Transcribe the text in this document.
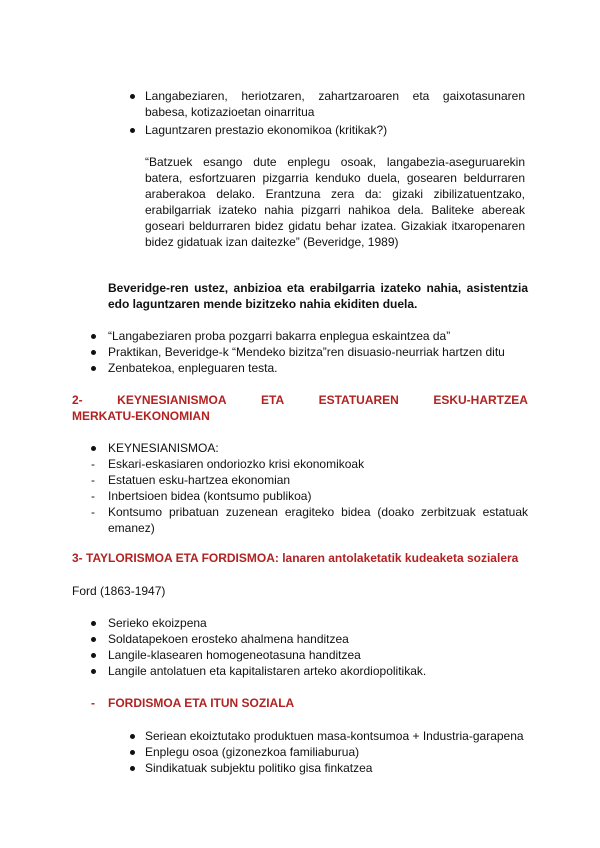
Langabeziaren, heriotzaren, zahartzaroaren eta gaixotasunaren
babesa, kotizazioetan oinarritua
Laguntzaren prestazio ekonomikoa (kritikak?)
“Batzuek esango dute enplegu osoak, langabezia-aseguruarekin
batera, esfortzuaren pizgarria kenduko duela, gosearen beldurraren
araberakoa delako. Erantzuna zera da: gizaki zibilizatuentzako,
erabilgarriak izateko nahia pizgarri nahikoa dela. Baliteke abereak
goseari beldurraren bidez gidatu behar izatea. Gizakiak itxaropenaren
bidez gidatuak izan daitezke” (Beveridge, 1989)
Beveridge-ren ustez, anbizioa eta erabilgarria izateko nahia, asistentzia
edo laguntzaren mende bizitzeko nahia ekiditen duela.
“Langabeziaren proba pozgarri bakarra enplegua eskaintzea da”
Praktikan, Beveridge-k “Mendeko bizitza”ren disuasio-neurriak hartzen ditu
Zenbatekoa, enpleguaren testa.
2-	KEYNESIANISMOA	ETA	ESTATUAREN	ESKU-HARTZEA
MERKATU-EKONOMIAN
KEYNESIANISMOA:
- Eskari-eskasiaren ondoriozko krisi ekonomikoak
- Estatuen esku-hartzea ekonomian
- Inbertsioen bidea (kontsumo publikoa)
- Kontsumo pribatuan zuzenean eragiteko bidea (doako zerbitzuak estatuak
emanez)
3- TAYLORISMOA ETA FORDISMOA: lanaren antolaketatik kudeaketa sozialera
Ford (1863-1947)
Serieko ekoizpena
Soldatapekoen erosteko ahalmena handitzea
Langile-klasearen homogeneotasuna handitzea
Langile antolatuen eta kapitalistaren arteko akordiopolitikak.
- FORDISMOA ETA ITUN SOZIALA
Seriean ekoiztutako produktuen masa-kontsumoa + Industria-garapena
Enplegu osoa (gizonezkoa familiaburua)
Sindikatuak subjektu politiko gisa finkatzea
